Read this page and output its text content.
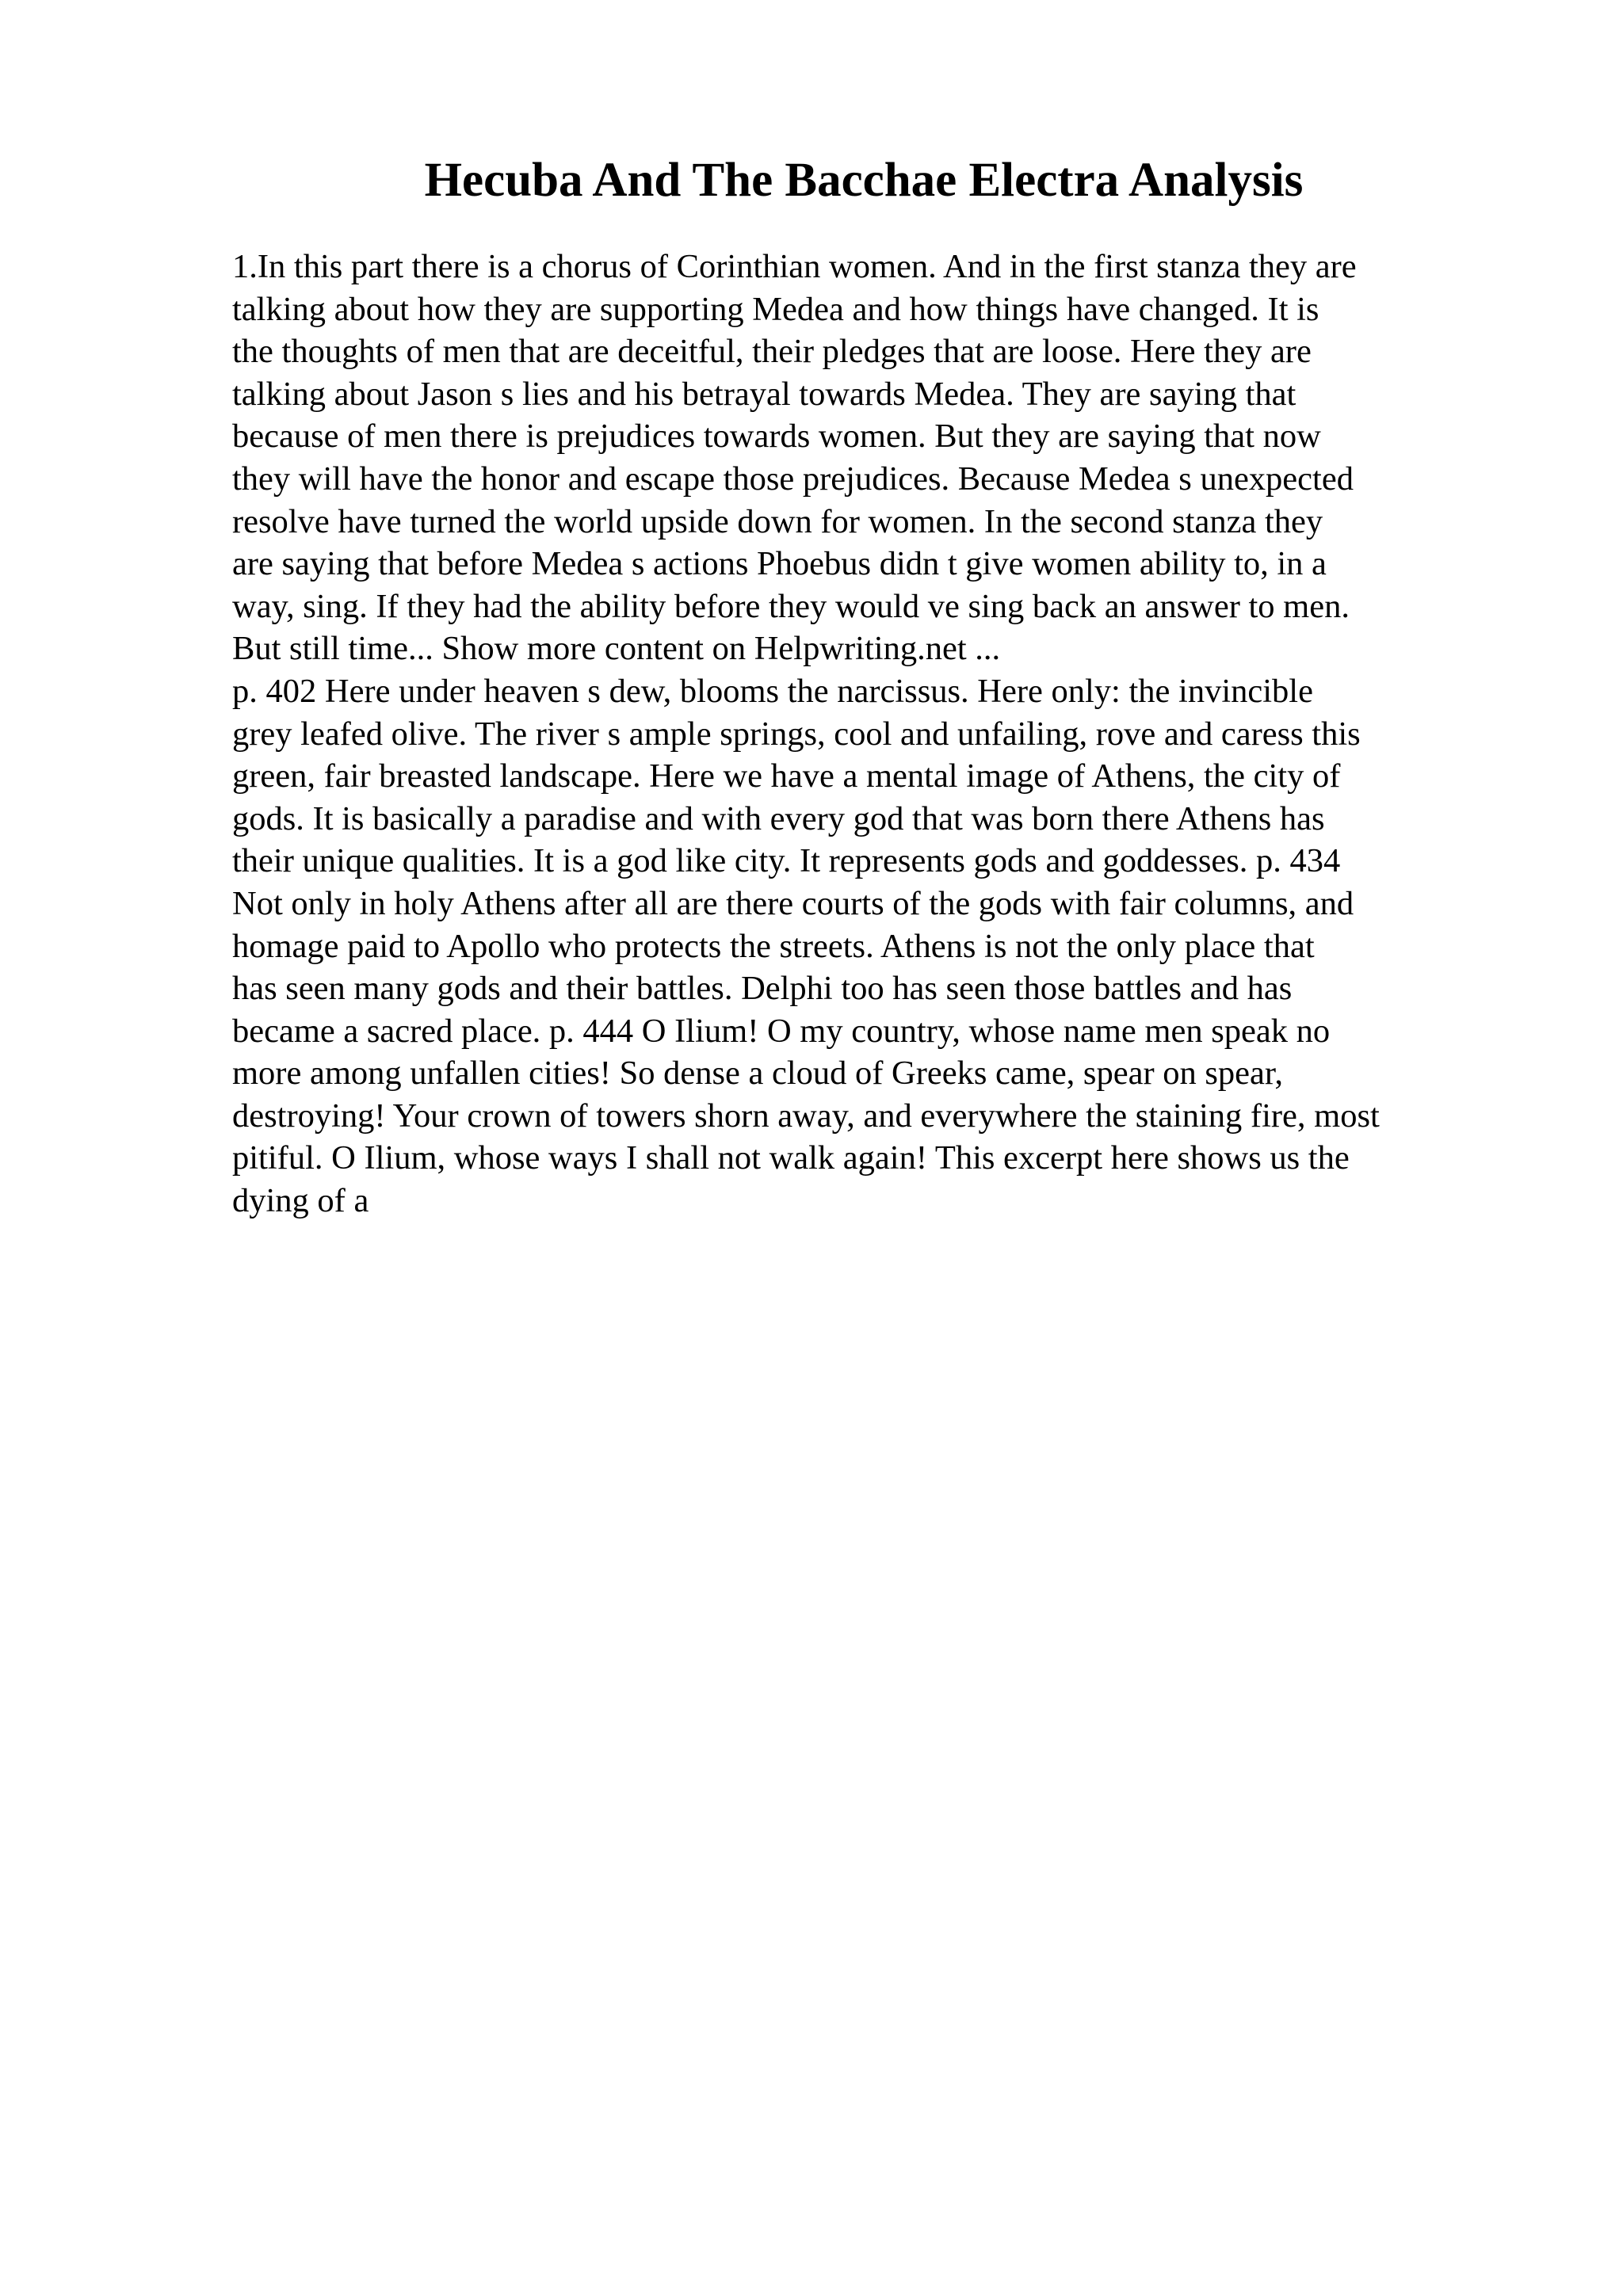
Hecuba And The Bacchae Electra Analysis
1.In this part there is a chorus of Corinthian women. And in the first stanza they are
talking about how they are supporting Medea and how things have changed. It is
the thoughts of men that are deceitful, their pledges that are loose. Here they are
talking about Jason s lies and his betrayal towards Medea. They are saying that
because of men there is prejudices towards women. But they are saying that now
they will have the honor and escape those prejudices. Because Medea s unexpected
resolve have turned the world upside down for women. In the second stanza they
are saying that before Medea s actions Phoebus didn t give women ability to, in a
way, sing. If they had the ability before they would ve sing back an answer to men.
But still time... Show more content on Helpwriting.net ...
p. 402 Here under heaven s dew, blooms the narcissus. Here only: the invincible
grey leafed olive. The river s ample springs, cool and unfailing, rove and caress this
green, fair breasted landscape. Here we have a mental image of Athens, the city of
gods. It is basically a paradise and with every god that was born there Athens has
their unique qualities. It is a god like city. It represents gods and goddesses. p. 434
Not only in holy Athens after all are there courts of the gods with fair columns, and
homage paid to Apollo who protects the streets. Athens is not the only place that
has seen many gods and their battles. Delphi too has seen those battles and has
became a sacred place. p. 444 O Ilium! O my country, whose name men speak no
more among unfallen cities! So dense a cloud of Greeks came, spear on spear,
destroying! Your crown of towers shorn away, and everywhere the staining fire, most
pitiful. O Ilium, whose ways I shall not walk again! This excerpt here shows us the
dying of a
